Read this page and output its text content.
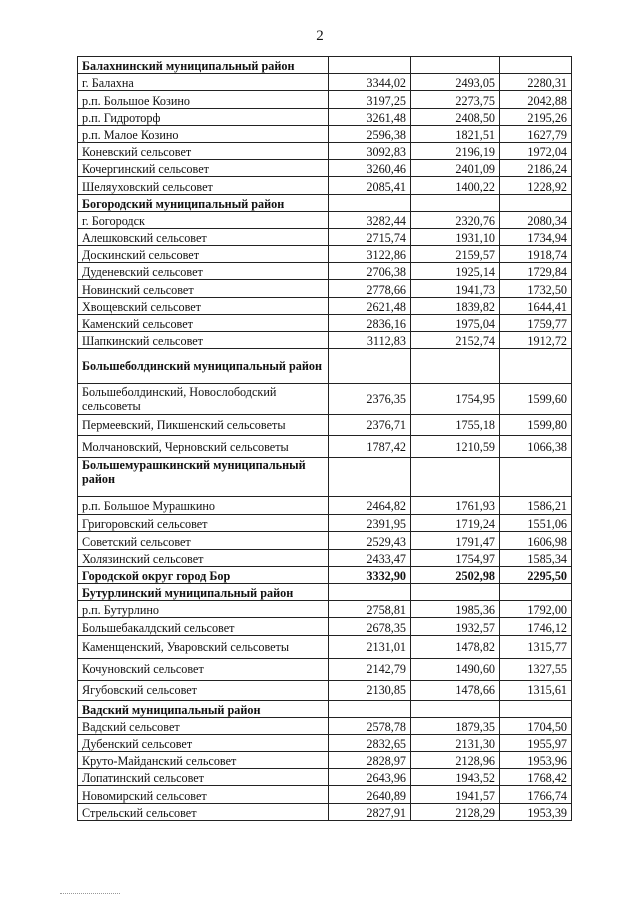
2
Балахнинский муниципальный район			
г. Балахна	3344,02	2493,05	2280,31
р.п. Большое Козино	3197,25	2273,75	2042,88
р.п. Гидроторф	3261,48	2408,50	2195,26
р.п. Малое Козино	2596,38	1821,51	1627,79
Коневский сельсовет	3092,83	2196,19	1972,04
Кочергинский сельсовет	3260,46	2401,09	2186,24
Шеляуховский сельсовет	2085,41	1400,22	1228,92
Богородский муниципальный район			
г. Богородск	3282,44	2320,76	2080,34
Алешковский сельсовет	2715,74	1931,10	1734,94
Доскинский сельсовет	3122,86	2159,57	1918,74
Дуденевский сельсовет	2706,38	1925,14	1729,84
Новинский сельсовет	2778,66	1941,73	1732,50
Хвощевский сельсовет	2621,48	1839,82	1644,41
Каменский сельсовет	2836,16	1975,04	1759,77
Шапкинский сельсовет	3112,83	2152,74	1912,72
Большеболдинский муниципальный район			
Большеболдинский, Новослободский сельсоветы	2376,35	1754,95	1599,60
Пермеевский, Пикшенский сельсоветы	2376,71	1755,18	1599,80
Молчановский, Черновский сельсоветы	1787,42	1210,59	1066,38
Большемурашкинский муниципальный район			
р.п. Большое Мурашкино	2464,82	1761,93	1586,21
Григоровский сельсовет	2391,95	1719,24	1551,06
Советский сельсовет	2529,43	1791,47	1606,98
Холязинский сельсовет	2433,47	1754,97	1585,34
Городской округ город Бор	3332,90	2502,98	2295,50
Бутурлинский муниципальный район			
р.п. Бутурлино	2758,81	1985,36	1792,00
Большебакалдский сельсовет	2678,35	1932,57	1746,12
Каменщенский, Уваровский сельсоветы	2131,01	1478,82	1315,77
Кочуновский сельсовет	2142,79	1490,60	1327,55
Ягубовский сельсовет	2130,85	1478,66	1315,61
Вадский муниципальный район			
Вадский сельсовет	2578,78	1879,35	1704,50
Дубенский сельсовет	2832,65	2131,30	1955,97
Круто-Майданский сельсовет	2828,97	2128,96	1953,96
Лопатинский сельсовет	2643,96	1943,52	1768,42
Новомирский сельсовет	2640,89	1941,57	1766,74
Стрельский сельсовет	2827,91	2128,29	1953,39
